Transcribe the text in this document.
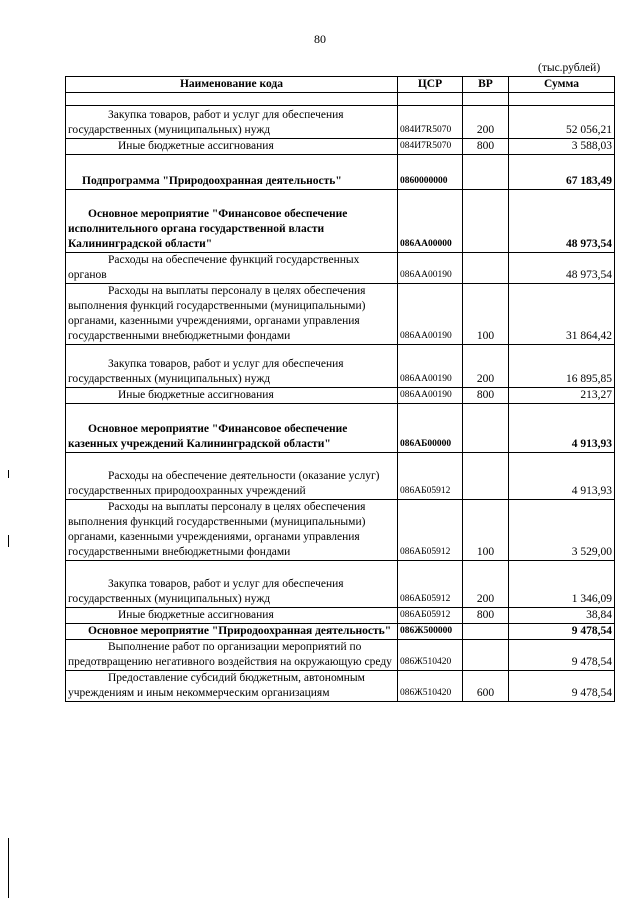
80
(тыс.рублей)
Наименование кода	ЦСР	ВР	Сумма

Закупка товаров, работ и услуг для обеспечения государственных (муниципальных) нужд	084И7R5070	200	52 056,21
Иные бюджетные ассигнования	084И7R5070	800	3 588,03
Подпрограмма "Природоохранная деятельность"	0860000000		67 183,49
Основное мероприятие "Финансовое обеспечение исполнительного органа государственной власти Калининградской области"	086АА00000		48 973,54
Расходы на обеспечение функций государственных органов	086АА00190		48 973,54
Расходы на выплаты персоналу в целях обеспечения выполнения функций государственными (муниципальными) органами, казенными учреждениями, органами управления государственными внебюджетными фондами	086АА00190	100	31 864,42
Закупка товаров, работ и услуг для обеспечения государственных (муниципальных) нужд	086АА00190	200	16 895,85
Иные бюджетные ассигнования	086АА00190	800	213,27
Основное мероприятие "Финансовое обеспечение казенных учреждений Калининградской области"	086АБ00000		4 913,93
Расходы на обеспечение деятельности (оказание услуг) государственных природоохранных учреждений	086АБ05912		4 913,93
Расходы на выплаты персоналу в целях обеспечения выполнения функций государственными (муниципальными) органами, казенными учреждениями, органами управления государственными внебюджетными фондами	086АБ05912	100	3 529,00
Закупка товаров, работ и услуг для обеспечения государственных (муниципальных) нужд	086АБ05912	200	1 346,09
Иные бюджетные ассигнования	086АБ05912	800	38,84
Основное мероприятие "Природоохранная деятельность"	086Ж500000		9 478,54
Выполнение работ по организации мероприятий по предотвращению негативного воздействия на окружающую среду	086Ж510420		9 478,54
Предоставление субсидий бюджетным, автономным учреждениям и иным некоммерческим организациям	086Ж510420	600	9 478,54
